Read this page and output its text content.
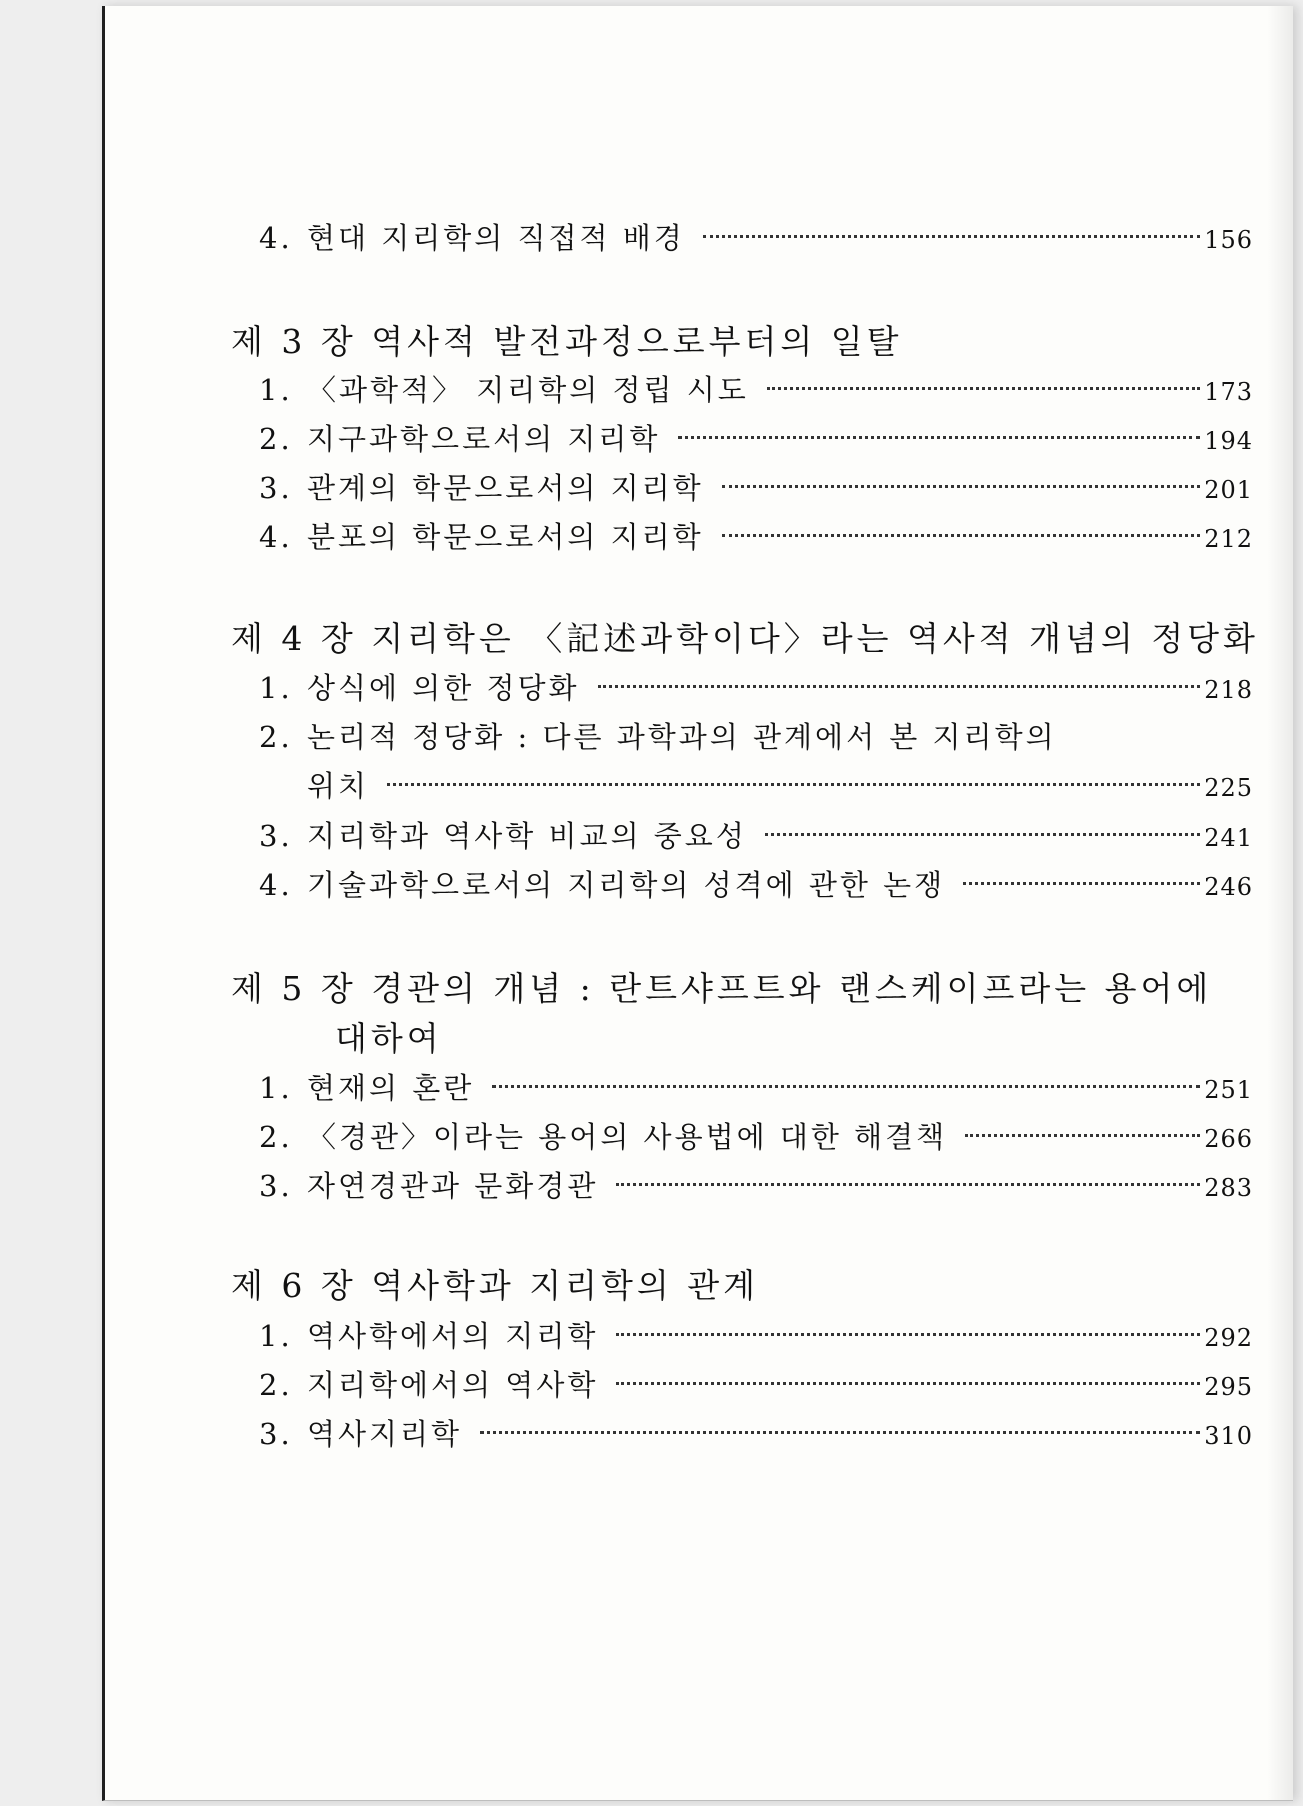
4. 현대 지리학의 직접적 배경	156
제 3 장 역사적 발전과정으로부터의 일탈
1. 〈과학적〉 지리학의 정립 시도	173
2. 지구과학으로서의 지리학	194
3. 관계의 학문으로서의 지리학	201
4. 분포의 학문으로서의 지리학	212
제 4 장 지리학은 〈記述과학이다〉라는 역사적 개념의 정당화
1. 상식에 의한 정당화	218
2. 논리적 정당화 : 다른 과학과의 관계에서 본 지리학의
위치	225
3. 지리학과 역사학 비교의 중요성	241
4. 기술과학으로서의 지리학의 성격에 관한 논쟁	246
제 5 장 경관의 개념 : 란트샤프트와 랜스케이프라는 용어에
대하여
1. 현재의 혼란	251
2. 〈경관〉이라는 용어의 사용법에 대한 해결책	266
3. 자연경관과 문화경관	283
제 6 장 역사학과 지리학의 관계
1. 역사학에서의 지리학	292
2. 지리학에서의 역사학	295
3. 역사지리학	310
